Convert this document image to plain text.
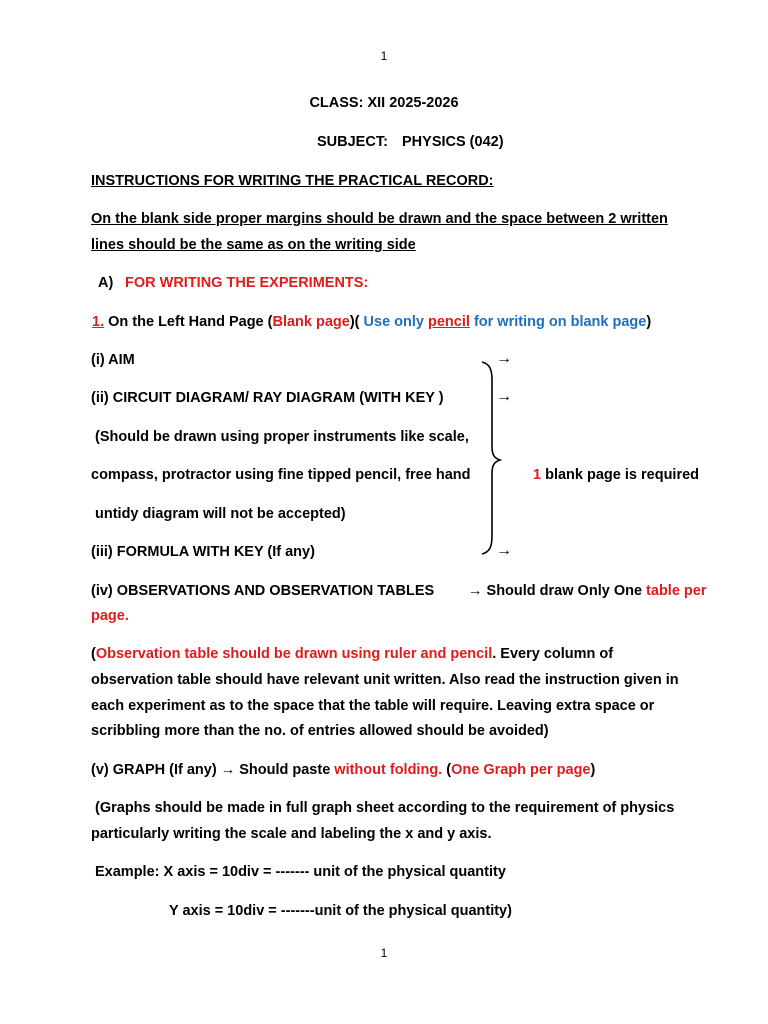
1
CLASS: XII 2025-2026
SUBJECT: PHYSICS (042)
INSTRUCTIONS FOR WRITING THE PRACTICAL RECORD:
On the blank side proper margins should be drawn and the space between 2 written
lines should be the same as on the writing side
A) FOR WRITING THE EXPERIMENTS:
1. On the Left Hand Page (Blank page)( Use only pencil for writing on blank page)
(i) AIM	→
(ii) CIRCUIT DIAGRAM/ RAY DIAGRAM (WITH KEY )	→
(Should be drawn using proper instruments like scale,
compass, protractor using fine tipped pencil, free hand
untidy diagram will not be accepted)
1 blank page is required
(iii) FORMULA WITH KEY (If any)	→
(iv) OBSERVATIONS AND OBSERVATION TABLES → Should draw Only One table per
page.
(Observation table should be drawn using ruler and pencil. Every column of
observation table should have relevant unit written. Also read the instruction given in
each experiment as to the space that the table will require. Leaving extra space or
scribbling more than the no. of entries allowed should be avoided)
(v) GRAPH (If any) → Should paste without folding. (One Graph per page)
(Graphs should be made in full graph sheet according to the requirement of physics
particularly writing the scale and labeling the x and y axis.
Example: X axis = 10div = ------- unit of the physical quantity
Y axis = 10div = -------unit of the physical quantity)
1
